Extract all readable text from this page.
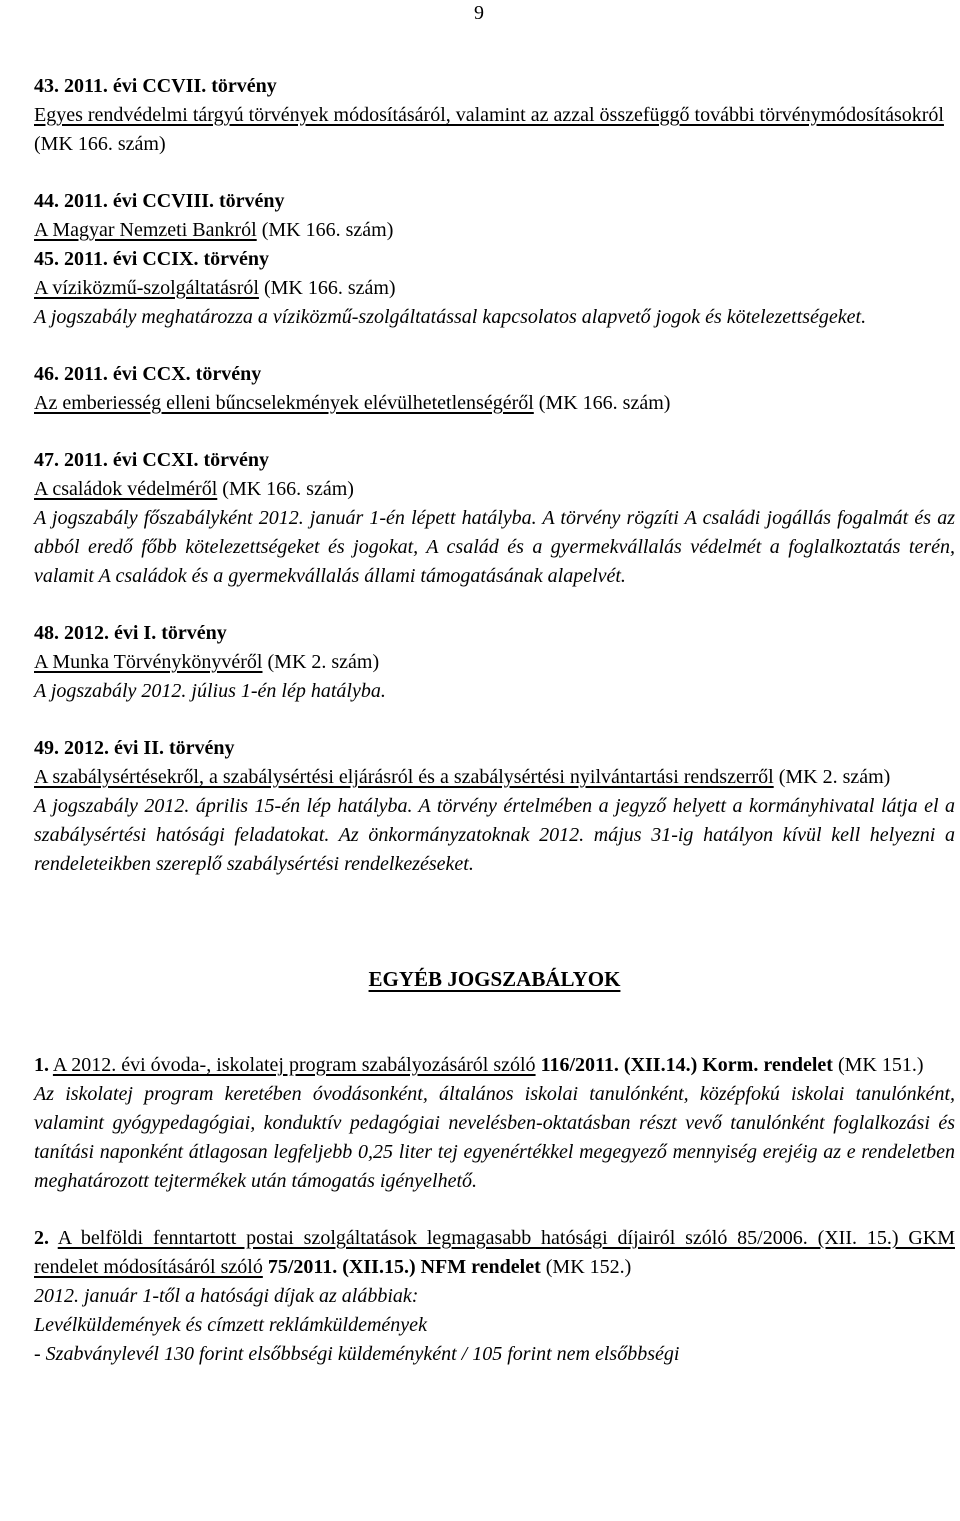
9
43. 2011. évi CCVII. törvény
Egyes rendvédelmi tárgyú törvények módosításáról, valamint az azzal összefüggő további törvénymódosításokról (MK 166. szám)
44. 2011. évi CCVIII. törvény
A Magyar Nemzeti Bankról (MK 166. szám)
45. 2011. évi CCIX. törvény
A víziközmű-szolgáltatásról (MK 166. szám)
A jogszabály meghatározza a víziközmű-szolgáltatással kapcsolatos alapvető jogok és kötelezettségeket.
46. 2011. évi CCX. törvény
Az emberiesség elleni bűncselekmények elévülhetetlenségéről (MK 166. szám)
47. 2011. évi CCXI. törvény
A családok védelméről (MK 166. szám)
A jogszabály főszabályként 2012. január 1-én lépett hatályba. A törvény rögzíti A családi jogállás fogalmát és az abból eredő főbb kötelezettségeket és jogokat, A család és a gyermekvállalás védelmét a foglalkoztatás terén, valamit A családok és a gyermekvállalás állami támogatásának alapelvét.
48. 2012. évi I. törvény
A Munka Törvénykönyvéről (MK 2. szám)
A jogszabály 2012. július 1-én lép hatályba.
49. 2012. évi II. törvény
A szabálysértésekről, a szabálysértési eljárásról és a szabálysértési nyilvántartási rendszerről (MK 2. szám)
A jogszabály 2012. április 15-én lép hatályba. A törvény értelmében a jegyző helyett a kormányhivatal látja el a szabálysértési hatósági feladatokat. Az önkormányzatoknak 2012. május 31-ig hatályon kívül kell helyezni a rendeleteikben szereplő szabálysértési rendelkezéseket.
EGYÉB JOGSZABÁLYOK
1. A 2012. évi óvoda-, iskolatej program szabályozásáról szóló 116/2011. (XII.14.) Korm. rendelet (MK 151.)
Az iskolatej program keretében óvodásonként, általános iskolai tanulónként, középfokú iskolai tanulónként, valamint gyógypedagógiai, konduktív pedagógiai nevelésben-oktatásban részt vevő tanulónként foglalkozási és tanítási naponként átlagosan legfeljebb 0,25 liter tej egyenértékkel megegyező mennyiség erejéig az e rendeletben meghatározott tejtermékek után támogatás igényelhető.
2. A belföldi fenntartott postai szolgáltatások legmagasabb hatósági díjairól szóló 85/2006. (XII. 15.) GKM rendelet módosításáról szóló 75/2011. (XII.15.) NFM rendelet (MK 152.)
2012. január 1-től a hatósági díjak az alábbiak:
Levélküldemények és címzett reklámküldemények
- Szabványlevél 130 forint elsőbbségi küldeményként / 105 forint nem elsőbbségi
